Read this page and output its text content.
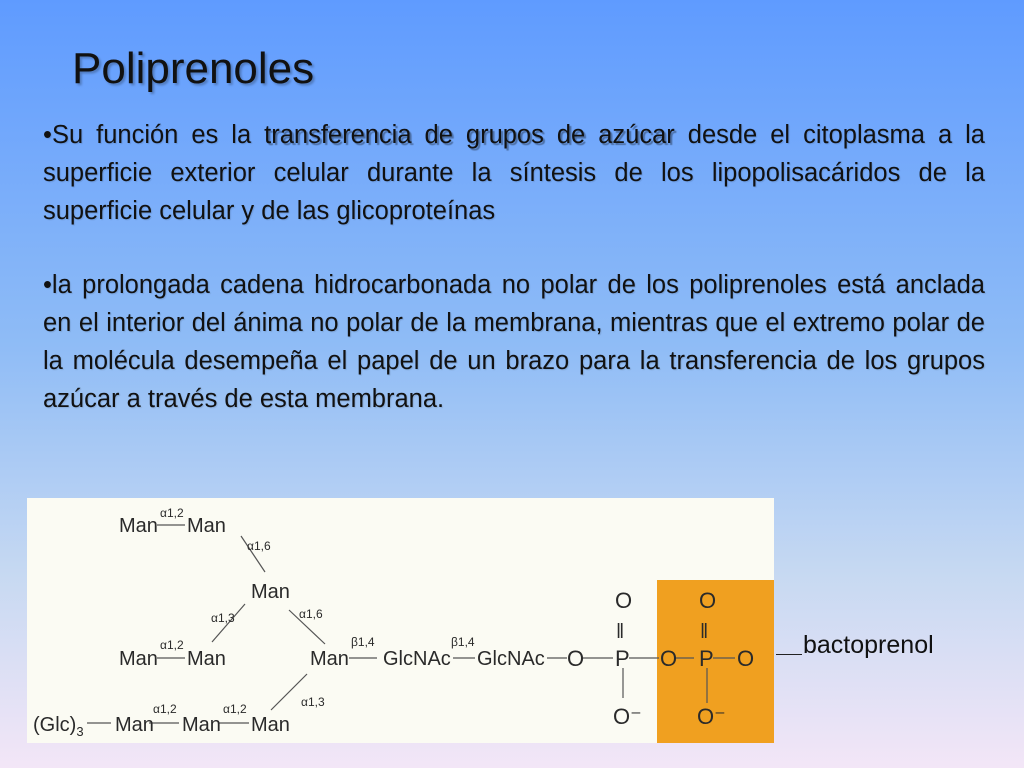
Poliprenoles
•Su función es la transferencia de grupos de azúcar desde el citoplasma a la superficie exterior celular durante la síntesis de los lipopolisacáridos de la superficie celular y de las glicoproteínas
•la prolongada cadena hidrocarbonada no polar de los poliprenoles está anclada en el interior del ánima no polar de la membrana, mientras que el extremo polar de la molécula desempeña el papel de un brazo para la transferencia de los grupos azúcar a través de esta membrana.
Man Man
Man
Man Man	Man
Man Man Man
GlcNAc GlcNAc
$(Glc)_3$
α1,2
α1,6
α1,3	α1,6
α1,2	β1,4	β1,4
α1,3
α1,2	α1,2
O
O
‖
P
O⁻
O
O
‖
P O
O⁻
bactoprenol
